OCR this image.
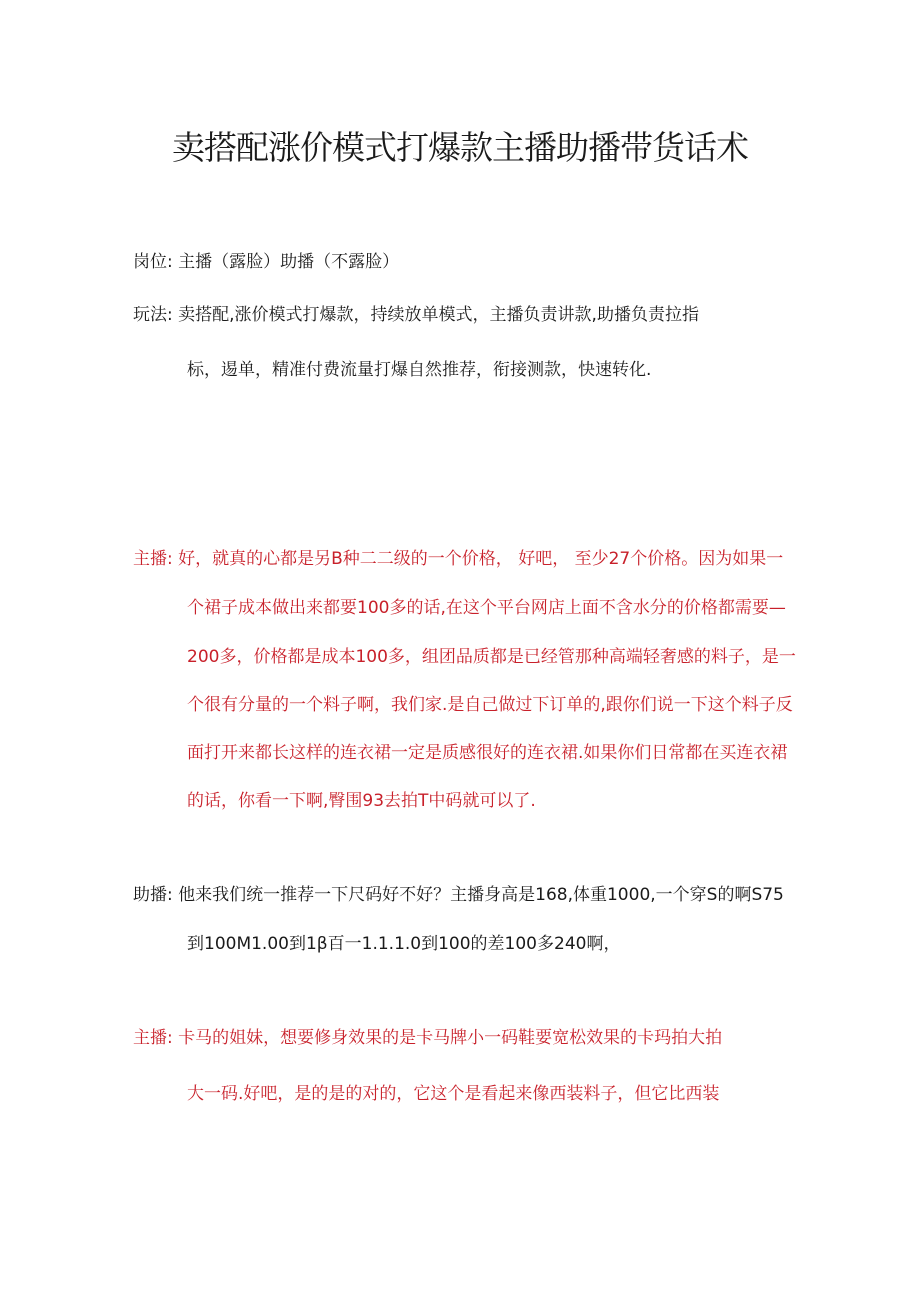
卖搭配涨价模式打爆款主播助播带货话术
岗位: 主播（露脸）助播（不露脸）
玩法: 卖搭配,涨价模式打爆款，持续放单模式，主播负责讲款,助播负责拉指
标，逷单，精准付费流量打爆自然推荐，衔接测款，快速转化.
主播: 好，就真的心都是另B种二二级的一个价格， 好吧， 至少27个价格。因为如果一
个裙子成本做出来都要100多的话,在这个平台网店上面不含水分的价格都需要—
200多，价格都是成本100多，组团品质都是已经管那种高端轻奢感的料子，是一
个很有分量的一个料子啊，我们家.是自己做过下订单的,跟你们说一下这个料子反
面打开来都长这样的连衣裙一定是质感很好的连衣裙.如果你们日常都在买连衣裙
的话，你看一下啊,臀围93去拍T中码就可以了.
助播: 他来我们统一推荐一下尺码好不好？主播身高是168,体重1000,一个穿S的啊S75
到100M1.00到1β百一1.1.1.0到100的差100多240啊，
主播: 卡马的姐妹，想要修身效果的是卡马牌小一码鞋要宽松效果的卡玛拍大拍
大一码.好吧，是的是的对的，它这个是看起来像西装料子，但它比西装
